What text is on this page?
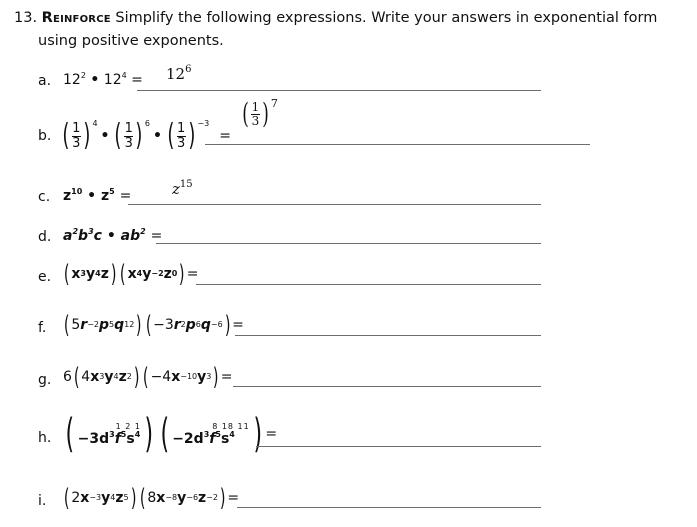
13. Reinforce Simplify the following expressions. Write your answers in exponential form
using positive exponents.
a. $12^2$ • $12^4 = 12^6$
b. ( $\frac{1}{3}$ ) $^4$
• ( $\frac{1}{3}$ ) $^6$
• ( $\frac{1}{3}$ ) $^{-3}$
=
( $\frac{1}{3} )^7$
c. $z^{10}$ • $z^5$ =	$z^{15}$
d. $a^2b^3c$ • $ab^2$ =
e. ( x 3 y 4 z ) ( x 4 y −2 z 0 ) =
f. ( 5 r −2 p 5 q 12 ) ( −3 r 2 p 6 q −6 ) =
g. 6 ( 4 x 3 y 4 z 2 ) ( −4 x −10 y 3 ) =
h. (	1 2 1
$-3d^3f^5s^4$ ) (	8 18 11
$-2d^3f^5s^4$ ) =
i. ( 2 x −3 y 4 z 5 ) ( 8 x −8 y −6 z −2 ) =
